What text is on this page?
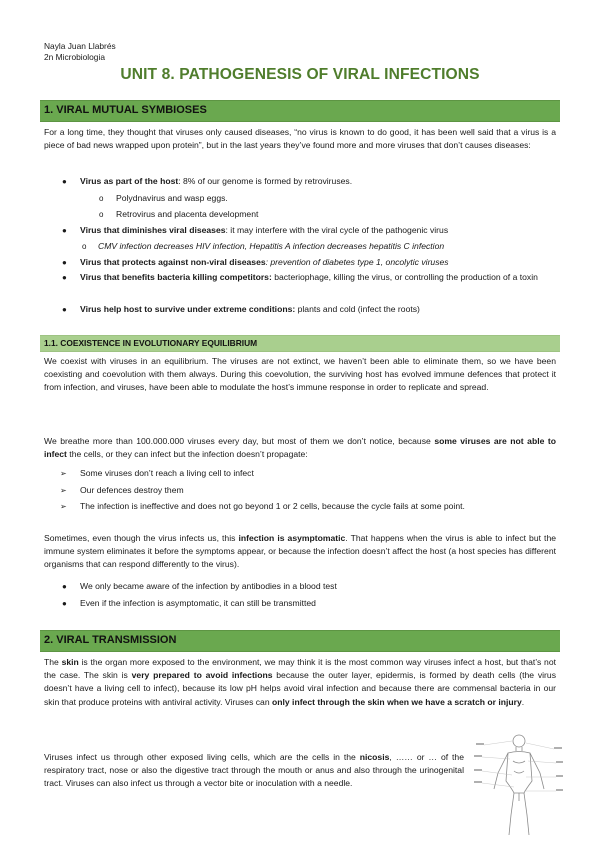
Nayla Juan Llabrés
2n Microbiologia
UNIT 8. PATHOGENESIS OF VIRAL INFECTIONS
1. VIRAL MUTUAL SYMBIOSES
For a long time, they thought that viruses only caused diseases, “no virus is known to do good, it has been well said that a virus is a piece of bad news wrapped upon protein”, but in the last years they’ve found more and more viruses that don’t causes diseases:
● Virus as part of the host: 8% of our genome is formed by retroviruses.
o Polydnavirus and wasp eggs.
o Retrovirus and placenta development
● Virus that diminishes viral diseases: it may interfere with the viral cycle of the pathogenic virus
o CMV infection decreases HIV infection, Hepatitis A infection decreases hepatitis C infection
● Virus that protects against non-viral diseases: prevention of diabetes type 1, oncolytic viruses
● Virus that benefits bacteria killing competitors: bacteriophage, killing the virus, or controlling the production of a toxin
● Virus help host to survive under extreme conditions: plants and cold (infect the roots)
1.1. COEXISTENCE IN EVOLUTIONARY EQUILIBRIUM
We coexist with viruses in an equilibrium. The viruses are not extinct, we haven’t been able to eliminate them, so we have been coexisting and coevolution with them always. During this coevolution, the surviving host has evolved immune defences that protect it from infection, and viruses, have been able to modulate the host’s immune response in order to replicate and spread.
We breathe more than 100.000.000 viruses every day, but most of them we don’t notice, because some viruses are not able to infect the cells, or they can infect but the infection doesn’t propagate:
➢ Some viruses don’t reach a living cell to infect
➢ Our defences destroy them
➢ The infection is ineffective and does not go beyond 1 or 2 cells, because the cycle fails at some point.
Sometimes, even though the virus infects us, this infection is asymptomatic. That happens when the virus is able to infect but the immune system eliminates it before the symptoms appear, or because the infection doesn’t affect the host (a host species has different organisms that can respond differently to the virus).
● We only became aware of the infection by antibodies in a blood test
● Even if the infection is asymptomatic, it can still be transmitted
2. VIRAL TRANSMISSION
The skin is the organ more exposed to the environment, we may think it is the most common way viruses infect a host, but that’s not the case. The skin is very prepared to avoid infections because the outer layer, epidermis, is formed by death cells (the virus doesn’t have a living cell to infect), because its low pH helps avoid viral infection and because there are commensal bacteria in our skin that produce proteins with antiviral activity. Viruses can only infect through the skin when we have a scratch or injury.
Viruses infect us through other exposed living cells, which are the cells in the nicosis, …… or … of the respiratory tract, nose or also the digestive tract through the mouth or anus and also through the urinogenital tract. Viruses can also infect us through a vector bite or inoculation with a needle.
